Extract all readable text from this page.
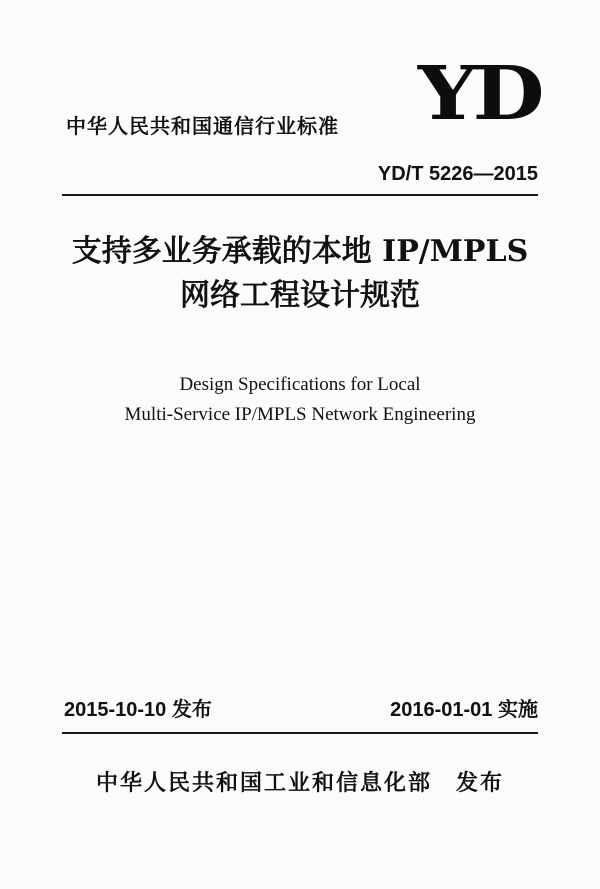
YD
中华人民共和国通信行业标准
YD/T 5226—2015
支持多业务承载的本地 IP/MPLS
网络工程设计规范
Design Specifications for Local
Multi-Service IP/MPLS Network Engineering
2015-10-10 发布	2016-01-01 实施
中华人民共和国工业和信息化部 发布
